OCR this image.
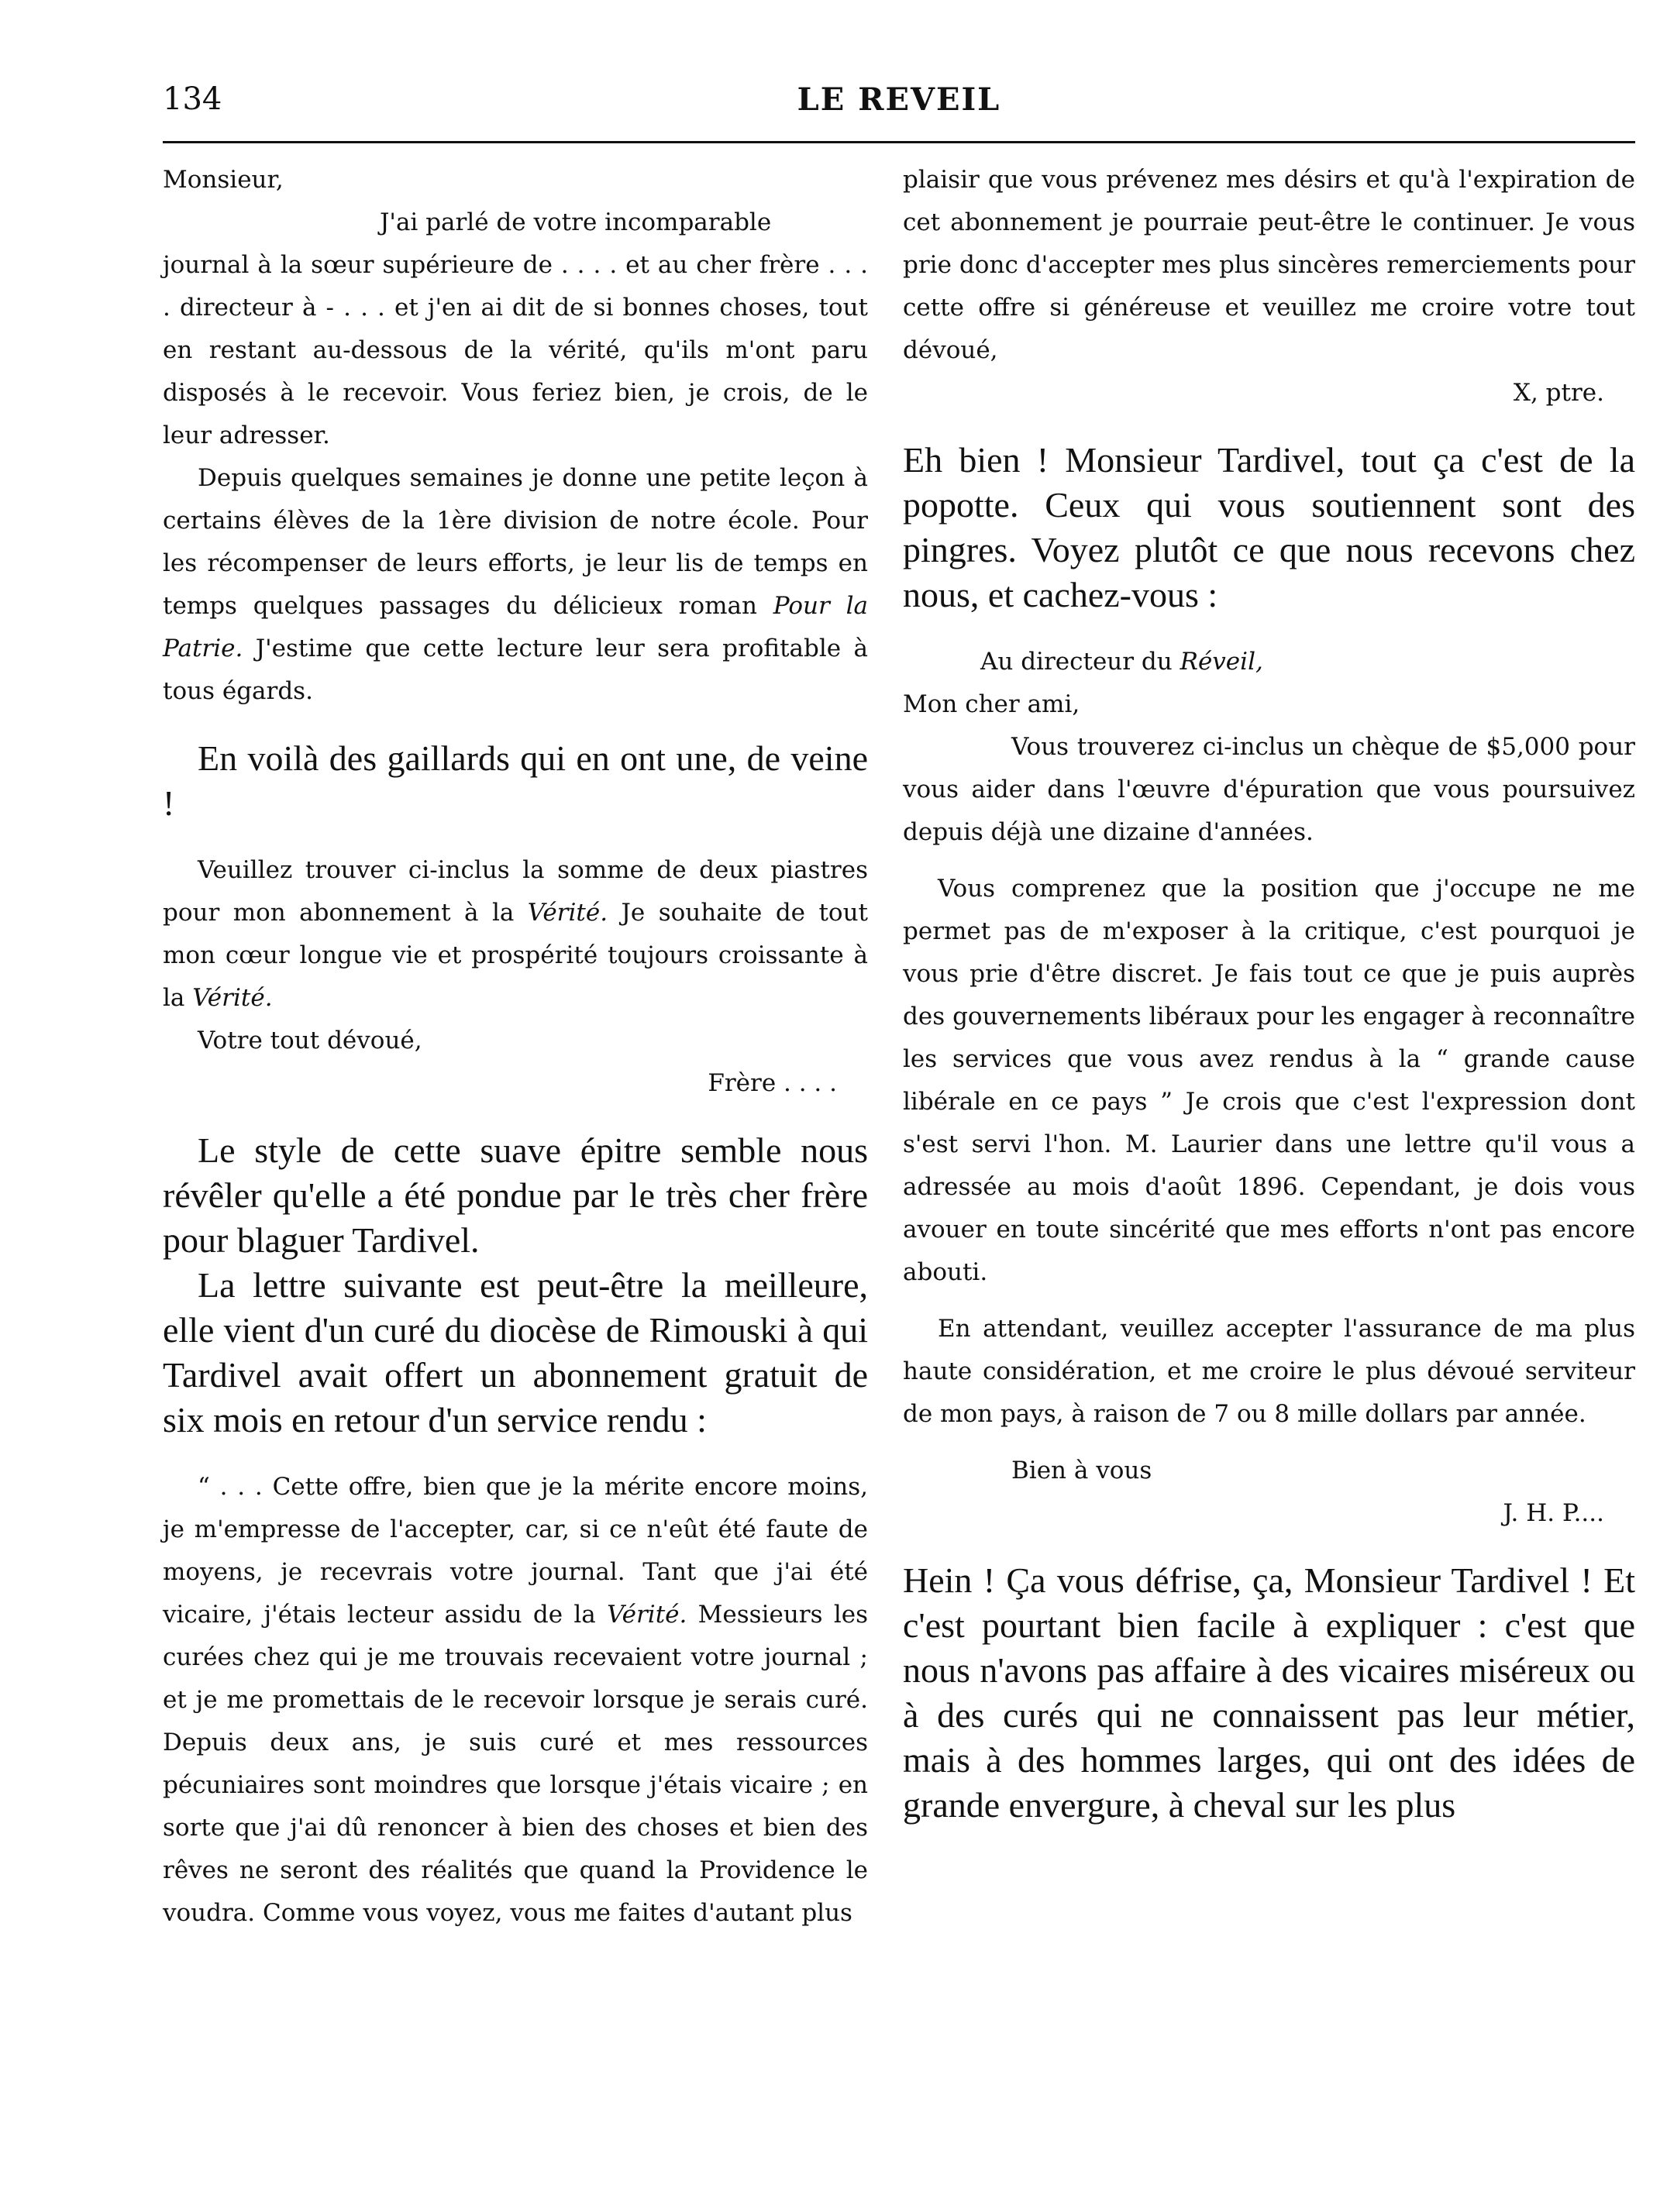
134	LE REVEIL

Monsieur,

J'ai parlé de votre incomparable

journal à la sœur supérieure de . . . . et au cher frère . . . . directeur à - . . . et j'en ai dit de si bonnes choses, tout en restant au-dessous de la vérité, qu'ils m'ont paru disposés à le recevoir. Vous feriez bien, je crois, de le leur adresser.

Depuis quelques semaines je donne une petite leçon à certains élèves de la 1ère division de notre école. Pour les récompenser de leurs efforts, je leur lis de temps en temps quelques passages du délicieux roman Pour la Patrie. J'estime que cette lecture leur sera profitable à tous égards.

En voilà des gaillards qui en ont une, de veine !

Veuillez trouver ci-inclus la somme de deux piastres pour mon abonnement à la Vérité. Je souhaite de tout mon cœur longue vie et prospérité toujours croissante à la Vérité.

Votre tout dévoué,

Frère . . . .

Le style de cette suave épitre semble nous révêler qu'elle a été pondue par le très cher frère pour blaguer Tardivel.

La lettre suivante est peut-être la meilleure, elle vient d'un curé du diocèse de Rimouski à qui Tardivel avait offert un abonnement gratuit de six mois en retour d'un service rendu :

“ . . . Cette offre, bien que je la mérite encore moins, je m'empresse de l'accepter, car, si ce n'eût été faute de moyens, je recevrais votre journal. Tant que j'ai été vicaire, j'étais lecteur assidu de la Vérité. Messieurs les curées chez qui je me trouvais recevaient votre journal ; et je me promettais de le recevoir lorsque je serais curé. Depuis deux ans, je suis curé et mes ressources pécuniaires sont moindres que lorsque j'étais vicaire ; en sorte que j'ai dû renoncer à bien des choses et bien des rêves ne seront des réalités que quand la Providence le voudra. Comme vous voyez, vous me faites d'autant plus

plaisir que vous prévenez mes désirs et qu'à l'expiration de cet abonnement je pourraie peut-être le continuer. Je vous prie donc d'accepter mes plus sincères remerciements pour cette offre si généreuse et veuillez me croire votre tout dévoué,

X, ptre.

Eh bien ! Monsieur Tardivel, tout ça c'est de la popotte. Ceux qui vous soutiennent sont des pingres. Voyez plutôt ce que nous recevons chez nous, et cachez-vous :

Au directeur du Réveil,

Mon cher ami,

Vous trouverez ci-inclus un chèque de $5,000 pour vous aider dans l'œuvre d'épuration que vous poursuivez depuis déjà une dizaine d'années.

Vous comprenez que la position que j'occupe ne me permet pas de m'exposer à la critique, c'est pourquoi je vous prie d'être discret. Je fais tout ce que je puis auprès des gouvernements libéraux pour les engager à reconnaître les services que vous avez rendus à la “ grande cause libérale en ce pays ” Je crois que c'est l'expression dont s'est servi l'hon. M. Laurier dans une lettre qu'il vous a adressée au mois d'août 1896. Cependant, je dois vous avouer en toute sincérité que mes efforts n'ont pas encore abouti.

En attendant, veuillez accepter l'assurance de ma plus haute considération, et me croire le plus dévoué serviteur de mon pays, à raison de 7 ou 8 mille dollars par année.

Bien à vous

J. H. P....

Hein ! Ça vous défrise, ça, Monsieur Tardivel ! Et c'est pourtant bien facile à expliquer : c'est que nous n'avons pas affaire à des vicaires miséreux ou à des curés qui ne connaissent pas leur métier, mais à des hommes larges, qui ont des idées de grande envergure, à cheval sur les plus
